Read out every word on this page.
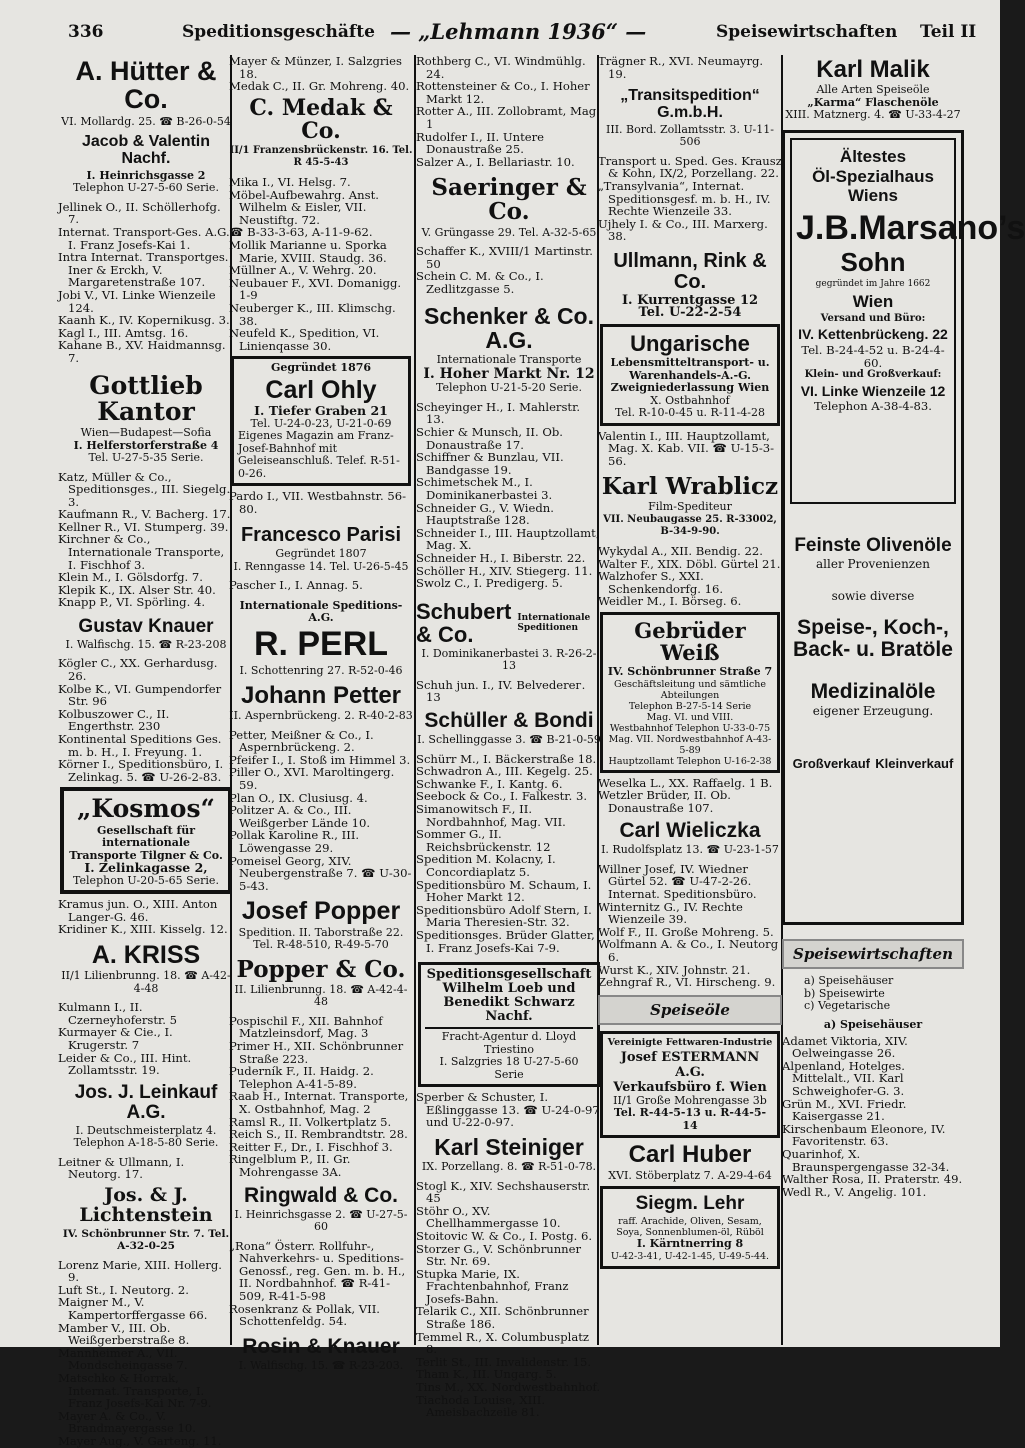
336	Speditionsgeschäfte — „Lehmann 1936“ —	Speisewirtschaften Teil II
A. Hütter & Co.
VI. Mollardg. 25. ☎ B-26-0-54
Jacob & Valentin Nachf.
I. Heinrichsgasse 2
Telephon U-27-5-60 Serie.
Jellinek O., II. Schöllerhofg. 7.
Internat. Transport-Ges. A.G., I. Franz Josefs-Kai 1.
Intra Internat. Transportges. Iner & Erckh, V. Margaretenstraße 107.
Jobi V., VI. Linke Wienzeile 124.
Kaanh K., IV. Kopernikusg. 3.
Kagl I., III. Amtsg. 16.
Kahane B., XV. Haidmannsg. 7.
Gottlieb Kantor
Wien—Budapest—Sofia
I. Helferstorferstraße 4
Tel. U-27-5-35 Serie.
Katz, Müller & Co., Speditionsges., III. Siegelg. 3.
Kaufmann R., V. Bacherg. 17.
Kellner R., VI. Stumperg. 39.
Kirchner & Co., Internationale Transporte, I. Fischhof 3.
Klein M., I. Gölsdorfg. 7.
Klepik K., IX. Alser Str. 40.
Knapp P., VI. Spörling. 4.
Gustav Knauer
I. Walfischg. 15. ☎ R-23-208
Kögler C., XX. Gerhardusg. 26.
Kolbe K., VI. Gumpendorfer Str. 96
Kolbuszower C., II. Engerthstr. 230
Kontinental Speditions Ges. m. b. H., I. Freyung. 1.
Körner I., Speditionsbüro, I. Zelinkag. 5. ☎ U-26-2-83.
„Kosmos“
Gesellschaft für internationale Transporte Tilgner & Co.
I. Zelinkagasse 2,
Telephon U-20-5-65 Serie.
Kramus jun. O., XIII. Anton Langer-G. 46.
Kridiner K., XIII. Kisselg. 12.
A. KRISS
II/1 Lilienbrunng. 18. ☎ A-42-4-48
Kulmann I., II. Czerneyhoferstr. 5
Kurmayer & Cie., I. Krugerstr. 7
Leider & Co., III. Hint. Zollamtsstr. 19.
Jos. J. Leinkauf A.G.
I. Deutschmeisterplatz 4.
Telephon A-18-5-80 Serie.
Leitner & Ullmann, I. Neutorg. 17.
Jos. & J. Lichtenstein
IV. Schönbrunner Str. 7. Tel. A-32-0-25
Lorenz Marie, XIII. Hollerg. 9.
Luft St., I. Neutorg. 2.
Maigner M., V. Kampertorffergasse 66.
Mamber V., III. Ob. Weißgerberstraße 8.
Mannheimer A., VII. Mondscheingasse 7.
Matschko & Horrak, Internat. Transporte, I. Franz Josefs-Kai Nr. 7-9.
Mayer A. & Co., V. Brandmayergasse 10.
Mayer Aug., V. Garteng. 11.
Mayer & Münzer, I. Salzgries 18.
Medak C., II. Gr. Mohreng. 40.
C. Medak & Co.
II/1 Franzensbrückenstr. 16. Tel. R 45-5-43
Mika I., VI. Helsg. 7.
Möbel-Aufbewahrg. Anst. Wilhelm & Eisler, VII. Neustiftg. 72.
☎ B-33-3-63, A-11-9-62.
Mollik Marianne u. Sporka Marie, XVIII. Staudg. 36.
Müllner A., V. Wehrg. 20.
Neubauer F., XVI. Domanigg. 1-9
Neuberger K., III. Klimschg. 38.
Neufeld K., Spedition, VI. Linienqasse 30.
Gegründet 1876
Carl Ohly
I. Tiefer Graben 21
Tel. U-24-0-23, U-21-0-69
Eigenes Magazin am Franz-Josef-Bahnhof mit Geleiseanschluß. Telef. R-51-0-26.
Pardo I., VII. Westbahnstr. 56-80.
Francesco Parisi
Gegründet 1807
I. Renngasse 14. Tel. U-26-5-45
Pascher I., I. Annag. 5.
Internationale Speditions-A.G.
R. PERL
I. Schottenring 27. R-52-0-46
Johann Petter
II. Aspernbrückeng. 2. R-40-2-83
Petter, Meißner & Co., I. Aspernbrückeng. 2.
Pfeifer I., I. Stoß im Himmel 3.
Piller O., XVI. Maroltingerg. 59.
Plan O., IX. Clusiusg. 4.
Politzer A. & Co., III. Weißgerber Lände 10.
Pollak Karoline R., III. Löwengasse 29.
Pomeisel Georg, XIV. Neubergenstraße 7. ☎ U-30-5-43.
Josef Popper
Spedition. II. Taborstraße 22.
Tel. R-48-510, R-49-5-70
Popper & Co.
II. Lilienbrunng. 18. ☎ A-42-4-48
Pospischil F., XII. Bahnhof Matzleinsdorf, Mag. 3
Primer H., XII. Schönbrunner Straße 223.
Puderník F., II. Haidg. 2. Telephon A-41-5-89.
Raab H., Internat. Transporte, X. Ostbahnhof, Mag. 2
Ramsl R., II. Volkertplatz 5.
Reich S., II. Rembrandtstr. 28.
Reitter F., Dr., I. Fischhof 3.
Ringelblum P., II. Gr. Mohrengasse 3A.
Ringwald & Co.
I. Heinrichsgasse 2. ☎ U-27-5-60
„Rona“ Österr. Rollfuhr-, Nahverkehrs- u. Speditions-Genossf., reg. Gen. m. b. H., II. Nordbahnhof. ☎ R-41-509, R-41-5-98
Rosenkranz & Pollak, VII. Schottenfeldg. 54.
Rosin & Knauer
I. Walfischg. 15. ☎ R-23-203.
Rothberg C., VI. Windmühlg. 24.
Rottensteiner & Co., I. Hoher Markt 12.
Rotter A., III. Zollobramt, Mag. 1
Rudolfer I., II. Untere Donaustraße 25.
Salzer A., I. Bellariastr. 10.
Saeringer & Co.
V. Grüngasse 29. Tel. A-32-5-65
Schaffer K., XVIII/1 Martinstr. 50
Schein C. M. & Co., I. Zedlitzgasse 5.
Schenker & Co. A.G.
Internationale Transporte
I. Hoher Markt Nr. 12
Telephon U-21-5-20 Serie.
Scheyinger H., I. Mahlerstr. 13.
Schier & Munsch, II. Ob. Donaustraße 17.
Schiffner & Bunzlau, VII. Bandgasse 19.
Schimetschek M., I. Dominikanerbastei 3.
Schneider G., V. Wiedn. Hauptstraße 128.
Schneider I., III. Hauptzollamt, Mag. X.
Schneider H., I. Biberstr. 22.
Schöller H., XIV. Stiegerg. 11.
Swolz C., I. Predigerg. 5.
Schubert & Co.
Internationale Speditionen
I. Dominikanerbastei 3. R-26-2-13
Schuh jun. I., IV. Belvederег. 13
Schüller & Bondi
I. Schellinggasse 3. ☎ B-21-0-59
Schürr M., I. Bäckerstraße 18.
Schwadron A., III. Kegelg. 25.
Schwanke F., I. Kantg. 6.
Seebock & Co., I. Falkestr. 3.
Simanowitsch F., II. Nordbahnhof, Mag. VII.
Sommer G., II. Reichsbrückenstr. 12
Spedition M. Kolacny, I. Concordiaplatz 5.
Speditionsbüro M. Schaum, I. Hoher Markt 12.
Speditionsbüro Adolf Stern, I. Maria Theresien-Str. 32.
Speditionsges. Brüder Glatter, I. Franz Josefs-Kai 7-9.
Speditionsgesellschaft
Wilhelm Loeb und Benedikt Schwarz Nachf.
Fracht-Agentur d. Lloyd Triestino
I. Salzgries 18 U-27-5-60 Serie
Sperber & Schuster, I. Eßlinggasse 13. ☎ U-24-0-97 und U-22-0-97.
Karl Steiniger
IX. Porzellang. 8. ☎ R-51-0-78.
Stogl K., XIV. Sechshauserstr. 45
Stöhr O., XV. Chellhammergasse 10.
Stoitovic W. & Co., I. Postg. 6.
Storzer G., V. Schönbrunner Str. Nr. 69.
Stupka Marie, IX. Frachtenbahnhof, Franz Josefs-Bahn.
Telarik C., XII. Schönbrunner Straße 186.
Temmel R., X. Columbusplatz 8.
Terlit St., III. Invalidenstr. 15.
Tham K., III. Ungarg. 5.
Tins M., XX. Nordwestbahnhof.
Tiachoda Louise, XIII. Ameisbachzeile 81.
Trägner R., XVI. Neumayrg. 19.
„Transitspedition“ G.m.b.H.
III. Bord. Zollamtsstr. 3. U-11-506
Transport u. Sped. Ges. Krausz & Kohn, IX/2, Porzellang. 22.
„Transylvania“, Internat. Speditionsgesf. m. b. H., IV. Rechte Wienzeile 33.
Ujhely I. & Co., III. Marxerg. 38.
Ullmann, Rink & Co.
I. Kurrentgasse 12
Tel. U-22-2-54
Ungarische
Lebensmitteltransport- u. Warenhandels-A.-G.
Zweigniederlassung Wien
X. Ostbahnhof
Tel. R-10-0-45 u. R-11-4-28
Valentin I., III. Hauptzollamt, Mag. X. Kab. VII. ☎ U-15-3-56.
Karl Wrablicz
Film-Spediteur
VII. Neubaugasse 25. R-33002, B-34-9-90.
Wykydal A., XII. Bendig. 22.
Walter F., XIX. Döbl. Gürtel 21.
Walzhofer S., XXI. Schenkendorfg. 16.
Weidler M., I. Börseg. 6.
Gebrüder Weiß
IV. Schönbrunner Straße 7
Geschäftsleitung und sämtliche Abteilungen
Telephon B-27-5-14 Serie
Mag. VI. und VIII.
Westbahnhof Telephon U-33-0-75
Mag. VII. Nordwestbahnhof A-43-5-89
Hauptzollamt Telephon U-16-2-38
Weselka L., XX. Raffaelg. 1 B.
Wetzler Brüder, II. Ob. Donaustraße 107.
Carl Wieliczka
I. Rudolfsplatz 13. ☎ U-23-1-57
Willner Josef, IV. Wiedner Gürtel 52. ☎ U-47-2-26. Internat. Speditionsbüro.
Winternitz G., IV. Rechte Wienzeile 39.
Wolf F., II. Große Mohreng. 5.
Wolfmann A. & Co., I. Neutorg 6.
Wurst K., XIV. Johnstr. 21.
Zehngraf R., VI. Hirscheng. 9.
Speiseöle
Vereinigte Fettwaren-Industrie
Josef ESTERMANN A.G.
Verkaufsbüro f. Wien
II/1 Große Mohrengasse 3b
Tel. R-44-5-13 u. R-44-5-14
Carl Huber
XVI. Stöberplatz 7. A-29-4-64
Siegm. Lehr
raff. Arachide, Oliven, Sesam, Soya, Sonnenblumen-öl, Rüböl
I. Kärntnerring 8
U-42-3-41, U-42-1-45, U-49-5-44.
Karl Malik
Alle Arten Speiseöle
„Karma“ Flaschenöle
XIII. Matznerg. 4. ☎ U-33-4-27
Ältestes
Öl-Spezialhaus
Wiens
J.B.Marsano’s
Sohn
gegründet im Jahre 1662
Wien
Versand und Büro:
IV. Kettenbrückeng. 22
Tel. B-24-4-52 u. B-24-4-60.
Klein- und Großverkauf:
VI. Linke Wienzeile 12
Telephon A-38-4-83.
Feinste Olivenöle
aller Provenienzen
sowie diverse
Speise-, Koch-, Back- u. Bratöle
Medizinalöle
eigener Erzeugung.
Großverkauf Kleinverkauf
Speisewirtschaften
a) Speisehäuser
b) Speisewirte
c) Vegetarische
a) Speisehäuser
Adamet Viktoria, XIV. Oelweingasse 26.
Alpenland, Hotelges. Mittelalt., VII. Karl Schweighofer-G. 3.
Grün M., XVI. Friedr. Kaisergasse 21.
Kirschenbaum Eleonore, IV. Favoritenstr. 63.
Quarinhof, X. Braunspergengasse 32-34.
Walther Rosa, II. Praterstr. 49.
Wedl R., V. Angelig. 101.
